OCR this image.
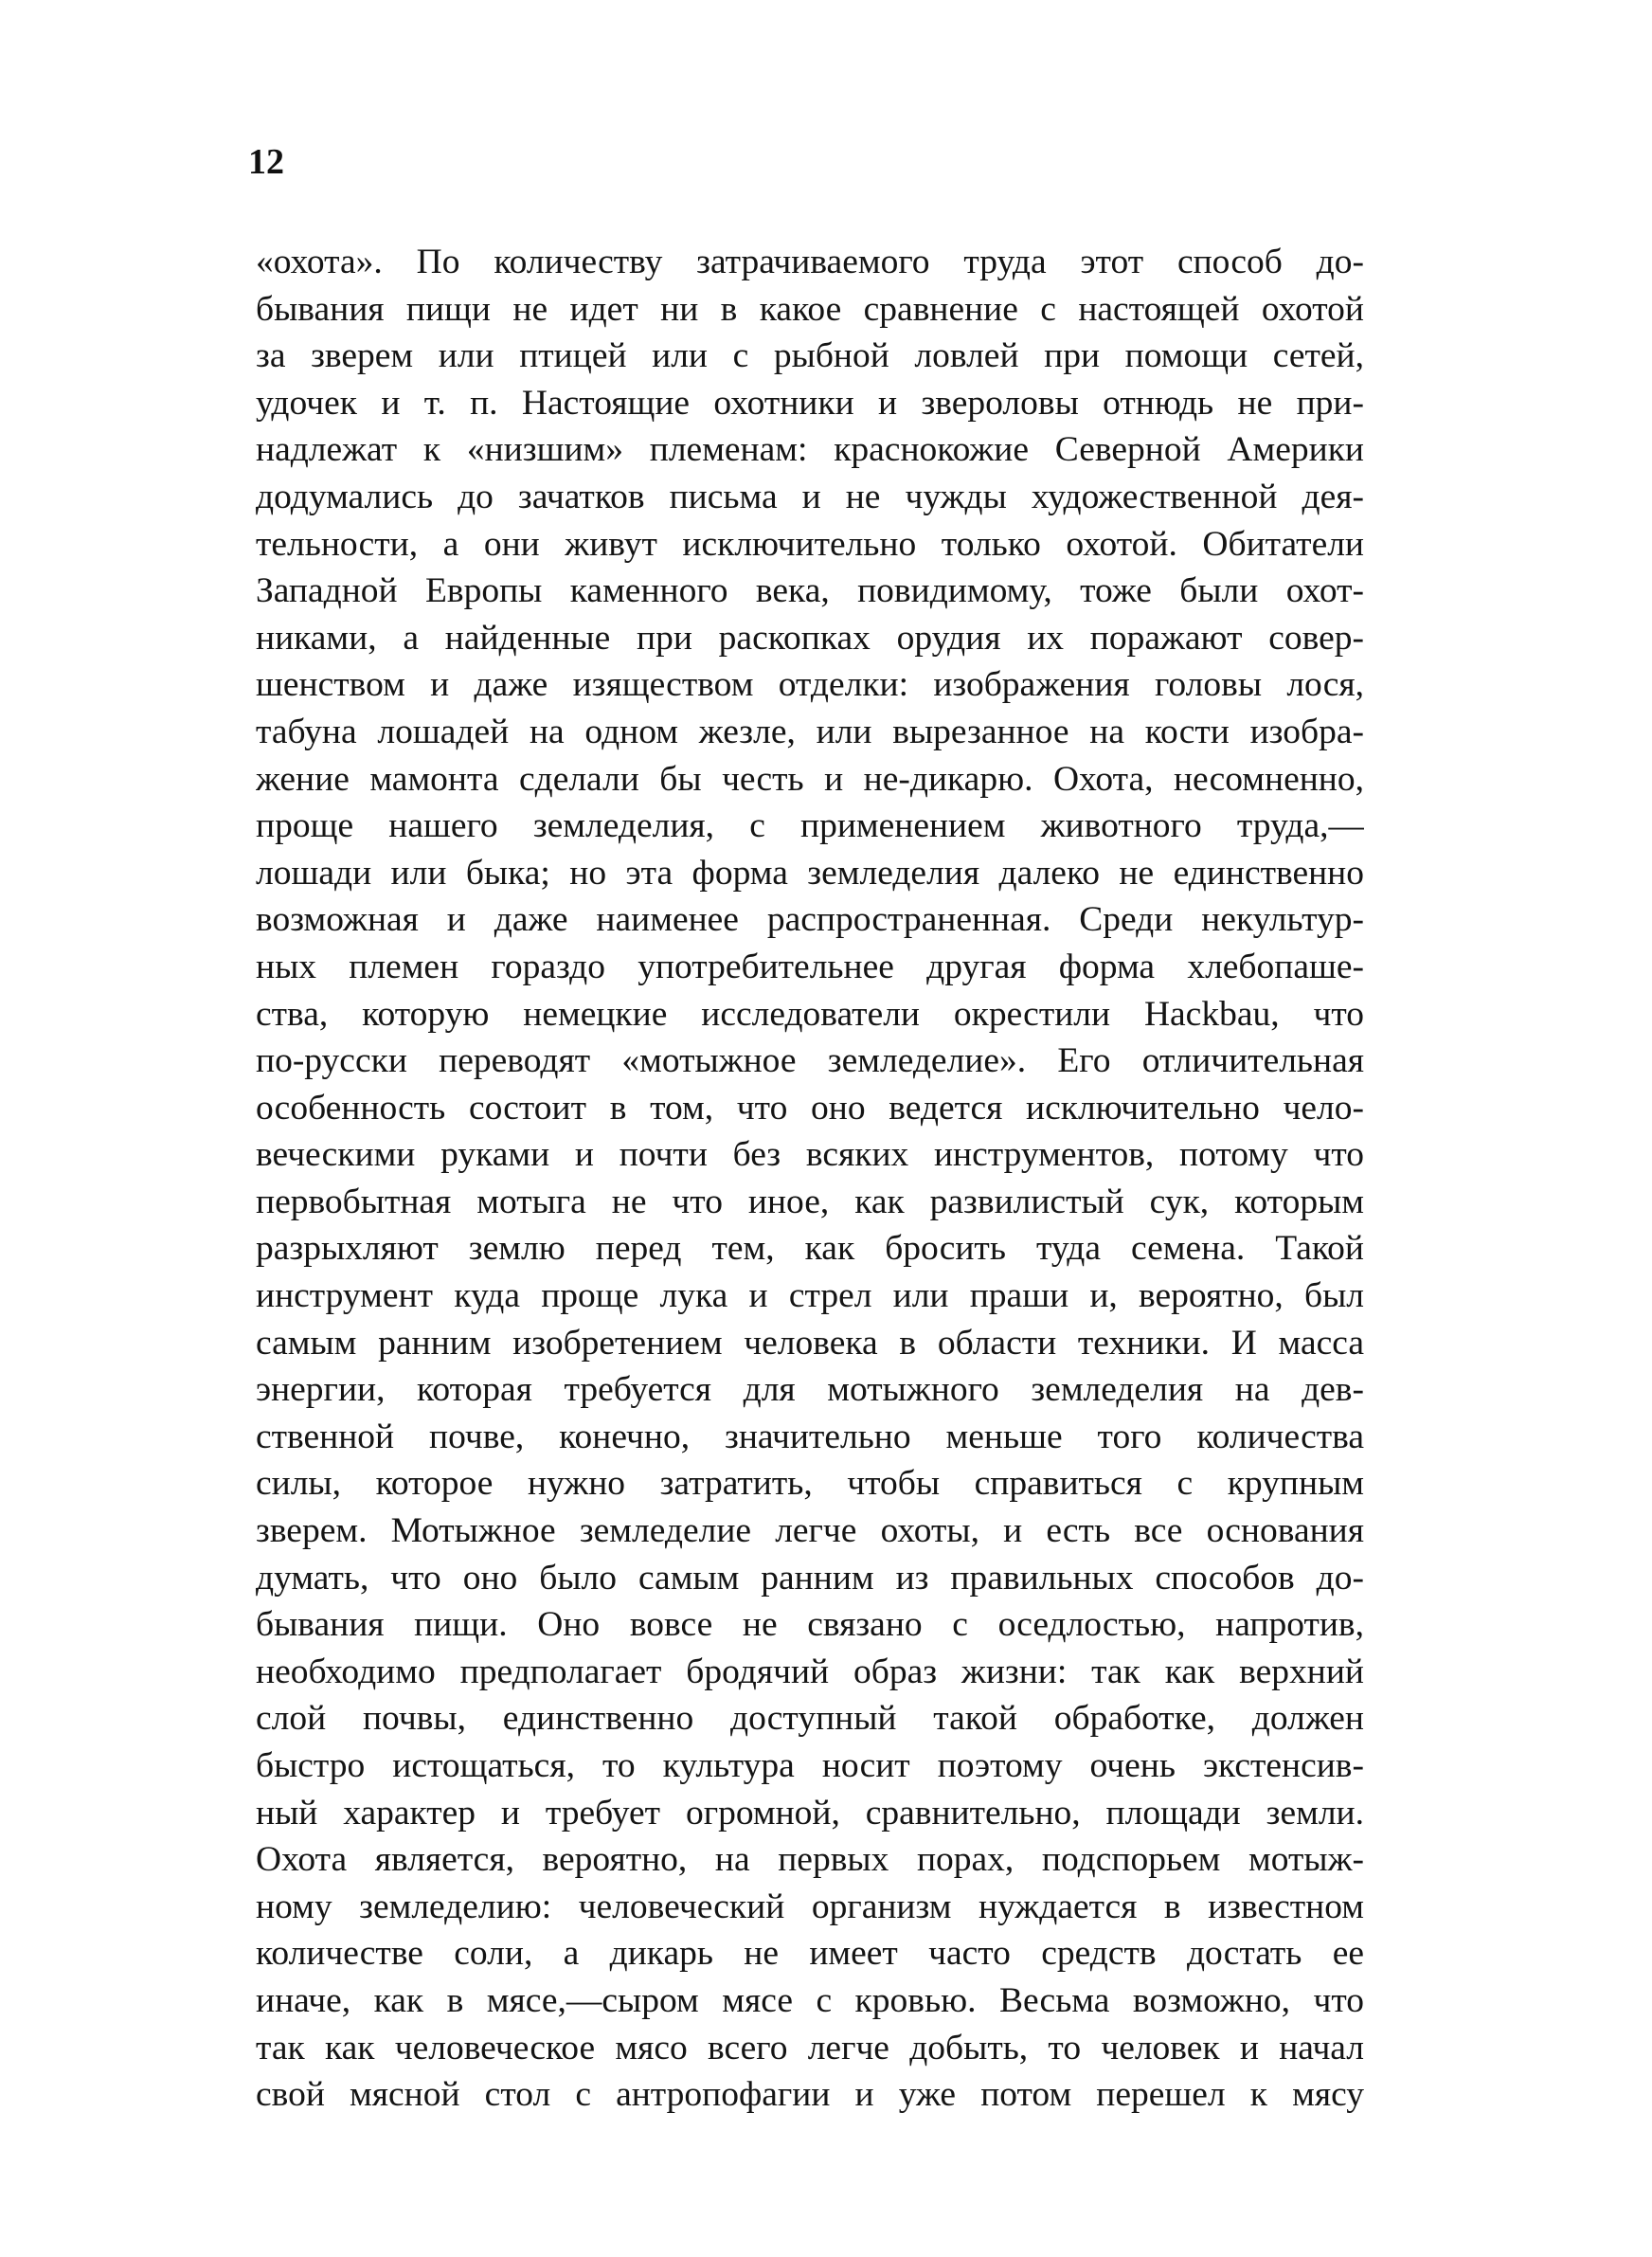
12
«охота». По количеству затрачиваемого труда этот способ до-
бывания пищи не идет ни в какое сравнение с настоящей охотой
за зверем или птицей или с рыбной ловлей при помощи сетей,
удочек и т. п. Настоящие охотники и звероловы отнюдь не при-
надлежат к «низшим» племенам: краснокожие Северной Америки
додумались до зачатков письма и не чужды художественной дея-
тельности, а они живут исключительно только охотой. Обитатели
Западной Европы каменного века, повидимому, тоже были охот-
никами, а найденные при раскопках орудия их поражают совер-
шенством и даже изяществом отделки: изображения головы лося,
табуна лошадей на одном жезле, или вырезанное на кости изобра-
жение мамонта сделали бы честь и не-дикарю. Охота, несомненно,
проще нашего земледелия, с применением животного труда,—
лошади или быка; но эта форма земледелия далеко не единственно
возможная и даже наименее распространенная. Среди некультур-
ных племен гораздо употребительнее другая форма хлебопаше-
ства, которую немецкие исследователи окрестили Hackbau, что
по-русски переводят «мотыжное земледелие». Его отличительная
особенность состоит в том, что оно ведется исключительно чело-
веческими руками и почти без всяких инструментов, потому что
первобытная мотыга не что иное, как развилистый сук, которым
разрыхляют землю перед тем, как бросить туда семена. Такой
инструмент куда проще лука и стрел или праши и, вероятно, был
самым ранним изобретением человека в области техники. И масса
энергии, которая требуется для мотыжного земледелия на дев-
ственной почве, конечно, значительно меньше того количества
силы, которое нужно затратить, чтобы справиться с крупным
зверем. Мотыжное земледелие легче охоты, и есть все основания
думать, что оно было самым ранним из правильных способов до-
бывания пищи. Оно вовсе не связано с оседлостью, напротив,
необходимо предполагает бродячий образ жизни: так как верхний
слой почвы, единственно доступный такой обработке, должен
быстро истощаться, то культура носит поэтому очень экстенсив-
ный характер и требует огромной, сравнительно, площади земли.
Охота является, вероятно, на первых порах, подспорьем мотыж-
ному земледелию: человеческий организм нуждается в известном
количестве соли, а дикарь не имеет часто средств достать ее
иначе, как в мясе,—сыром мясе с кровью. Весьма возможно, что
так как человеческое мясо всего легче добыть, то человек и начал
свой мясной стол с антропофагии и уже потом перешел к мясу
